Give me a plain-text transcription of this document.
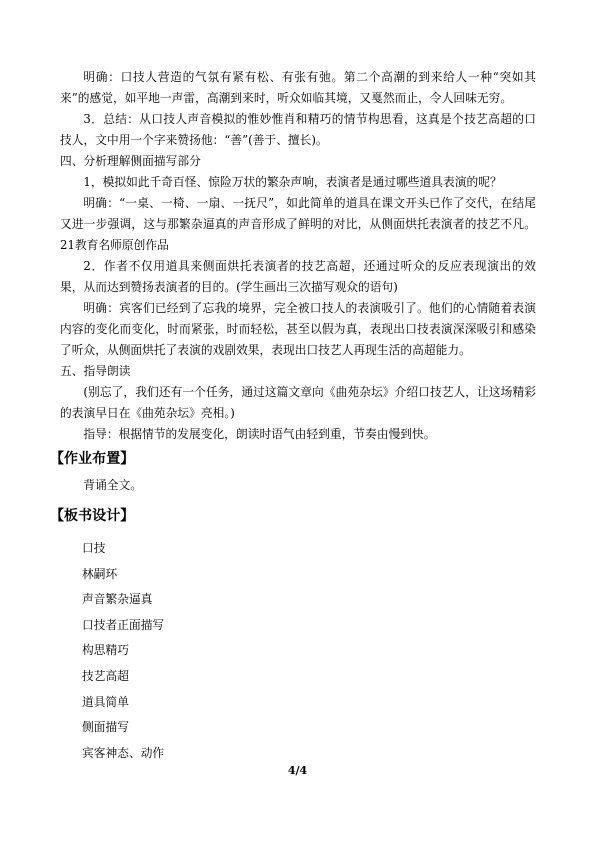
明确：口技人营造的气氛有紧有松、有张有弛。第二个高潮的到来给人一种“突如其来”的感觉，如平地一声雷，高潮到来时，听众如临其境，又戛然而止，令人回味无穷。

3．总结：从口技人声音模拟的惟妙惟肖和精巧的情节构思看，这真是个技艺高超的口技人，文中用一个字来赞扬他：“善”(善于、擅长)。

四、分析理解侧面描写部分

1，模拟如此千奇百怪、惊险万状的繁杂声响，表演者是通过哪些道具表演的呢？

明确：“一桌、一椅、一扇、一抚尺”，如此简单的道具在课文开头已作了交代，在结尾又进一步强调，这与那繁杂逼真的声音形成了鲜明的对比，从侧面烘托表演者的技艺不凡。21教育名师原创作品

2．作者不仅用道具来侧面烘托表演者的技艺高超，还通过听众的反应表现演出的效果，从而达到赞扬表演者的目的。(学生画出三次描写观众的语句)

明确：宾客们已经到了忘我的境界，完全被口技人的表演吸引了。他们的心情随着表演内容的变化而变化，时而紧张，时而轻松，甚至以假为真，表现出口技表演深深吸引和感染了听众，从侧面烘托了表演的戏剧效果，表现出口技艺人再现生活的高超能力。

五、指导朗读

(别忘了，我们还有一个任务，通过这篇文章向《曲苑杂坛》介绍口技艺人，让这场精彩的表演早日在《曲苑杂坛》亮相。)

指导：根据情节的发展变化，朗读时语气由轻到重，节奏由慢到快。

【作业布置】

背诵全文。

【板书设计】
口技
林嗣环
声音繁杂逼真
口技者正面描写
构思精巧
技艺高超
道具简单
侧面描写
宾客神态、动作
4/4
